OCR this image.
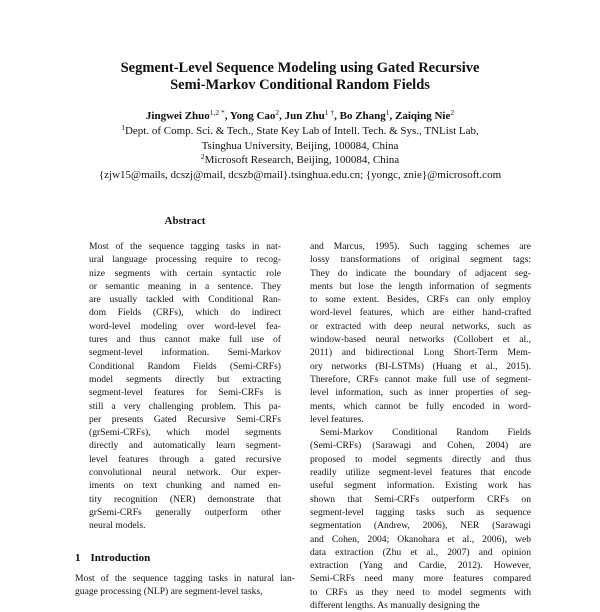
Segment-Level Sequence Modeling using Gated Recursive
Semi-Markov Conditional Random Fields
Jingwei Zhuo$^{1,2 *}$, Yong Cao$^2$, Jun Zhu$^{1 \dagger}$, Bo Zhang$^1$, Zaiqing Nie$^2$
$^1$Dept. of Comp. Sci. & Tech., State Key Lab of Intell. Tech. & Sys., TNList Lab,
Tsinghua University, Beijing, 100084, China
$^2$Microsoft Research, Beijing, 100084, China
{zjw15@mails, dcszj@mail, dcszb@mail}.tsinghua.edu.cn; {yongc, znie}@microsoft.com
Abstract
Most of the sequence tagging tasks in nat-
ural language processing require to recog-
nize segments with certain syntactic role
or semantic meaning in a sentence. They
are usually tackled with Conditional Ran-
dom Fields (CRFs), which do indirect
word-level modeling over word-level fea-
tures and thus cannot make full use of
segment-level information. Semi-Markov
Conditional Random Fields (Semi-CRFs)
model segments directly but extracting
segment-level features for Semi-CRFs is
still a very challenging problem. This pa-
per presents Gated Recursive Semi-CRFs
(grSemi-CRFs), which model segments
directly and automatically learn segment-
level features through a gated recursive
convolutional neural network. Our exper-
iments on text chunking and named en-
tity recognition (NER) demonstrate that
grSemi-CRFs generally outperform other
neural models.
1 Introduction
Most of the sequence tagging tasks in natural lan-
guage processing (NLP) are segment-level tasks,
and Marcus, 1995). Such tagging schemes are
lossy transformations of original segment tags:
They do indicate the boundary of adjacent seg-
ments but lose the length information of segments
to some extent. Besides, CRFs can only employ
word-level features, which are either hand-crafted
or extracted with deep neural networks, such as
window-based neural networks (Collobert et al.,
2011) and bidirectional Long Short-Term Mem-
ory networks (BI-LSTMs) (Huang et al., 2015).
Therefore, CRFs cannot make full use of segment-
level information, such as inner properties of seg-
ments, which cannot be fully encoded in word-
level features.
Semi-Markov Conditional Random Fields
(Semi-CRFs) (Sarawagi and Cohen, 2004) are
proposed to model segments directly and thus
readily utilize segment-level features that encode
useful segment information. Existing work has
shown that Semi-CRFs outperform CRFs on
segment-level tagging tasks such as sequence
segmentation (Andrew, 2006), NER (Sarawagi
and Cohen, 2004; Okanohara et al., 2006), web
data extraction (Zhu et al., 2007) and opinion
extraction (Yang and Cardie, 2012). However,
Semi-CRFs need many more features compared
to CRFs as they need to model segments with
different lengths. As manually designing the
